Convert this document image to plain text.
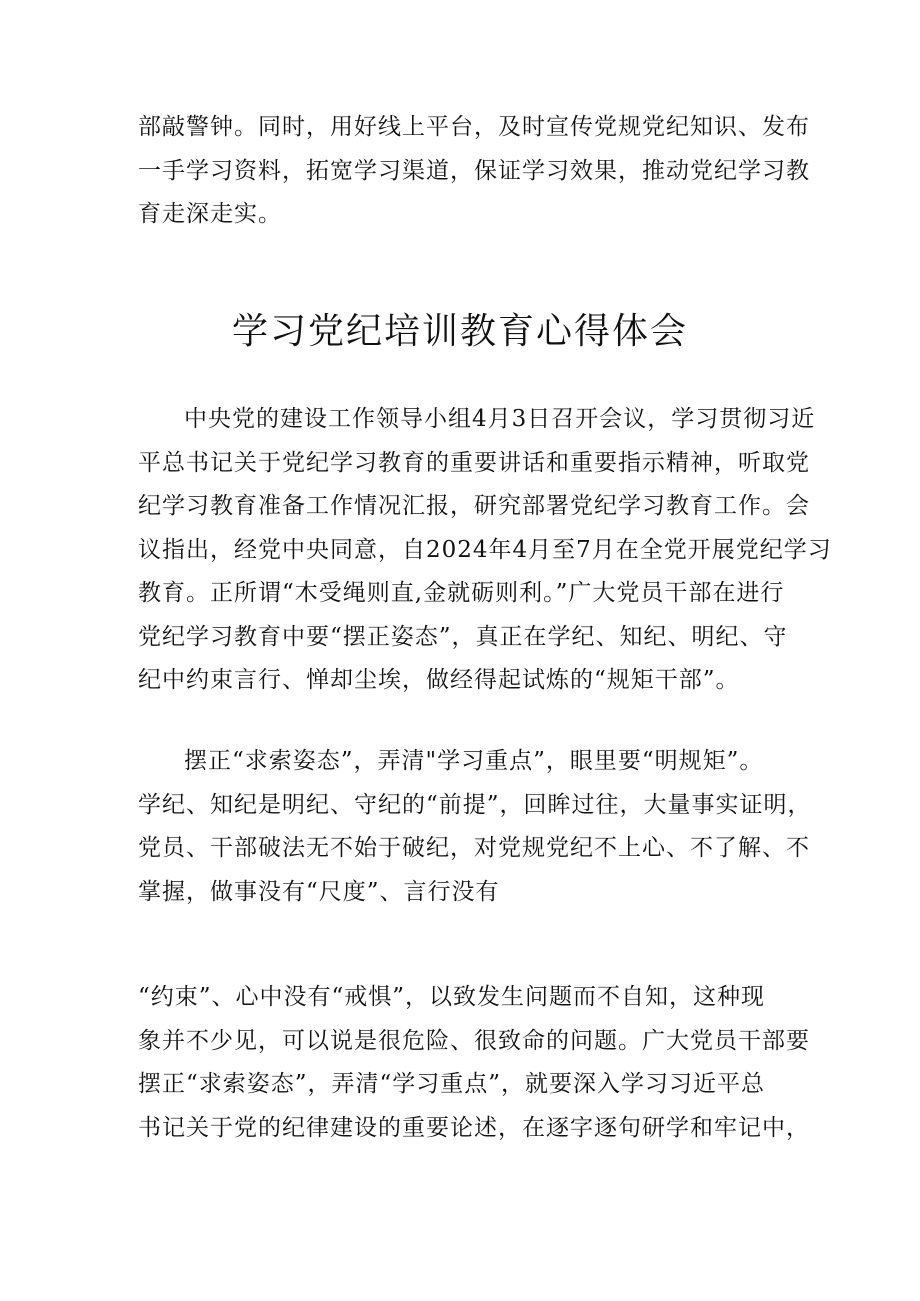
部敲警钟。同时，用好线上平台，及时宣传党规党纪知识、发布
一手学习资料，拓宽学习渠道，保证学习效果，推动党纪学习教
育走深走实。

学习党纪培训教育心得体会

中央党的建设工作领导小组4月3日召开会议，学习贯彻习近
平总书记关于党纪学习教育的重要讲话和重要指示精神，听取党
纪学习教育准备工作情况汇报，研究部署党纪学习教育工作。会
议指出，经党中央同意，自2024年4月至7月在全党开展党纪学习
教育。正所谓“木受绳则直,金就砺则利。”广大党员干部在进行
党纪学习教育中要“摆正姿态”，真正在学纪、知纪、明纪、守
纪中约束言行、惮却尘埃，做经得起试炼的“规矩干部”。

摆正“求索姿态”，弄清"学习重点”，眼里要“明规矩”。
学纪、知纪是明纪、守纪的“前提”，回眸过往，大量事实证明，
党员、干部破法无不始于破纪，对党规党纪不上心、不了解、不
掌握，做事没有“尺度”、言行没有

“约束”、心中没有“戒惧”，以致发生问题而不自知，这种现
象并不少见，可以说是很危险、很致命的问题。广大党员干部要
摆正“求索姿态”，弄清“学习重点”，就要深入学习习近平总
书记关于党的纪律建设的重要论述，在逐字逐句研学和牢记中，
